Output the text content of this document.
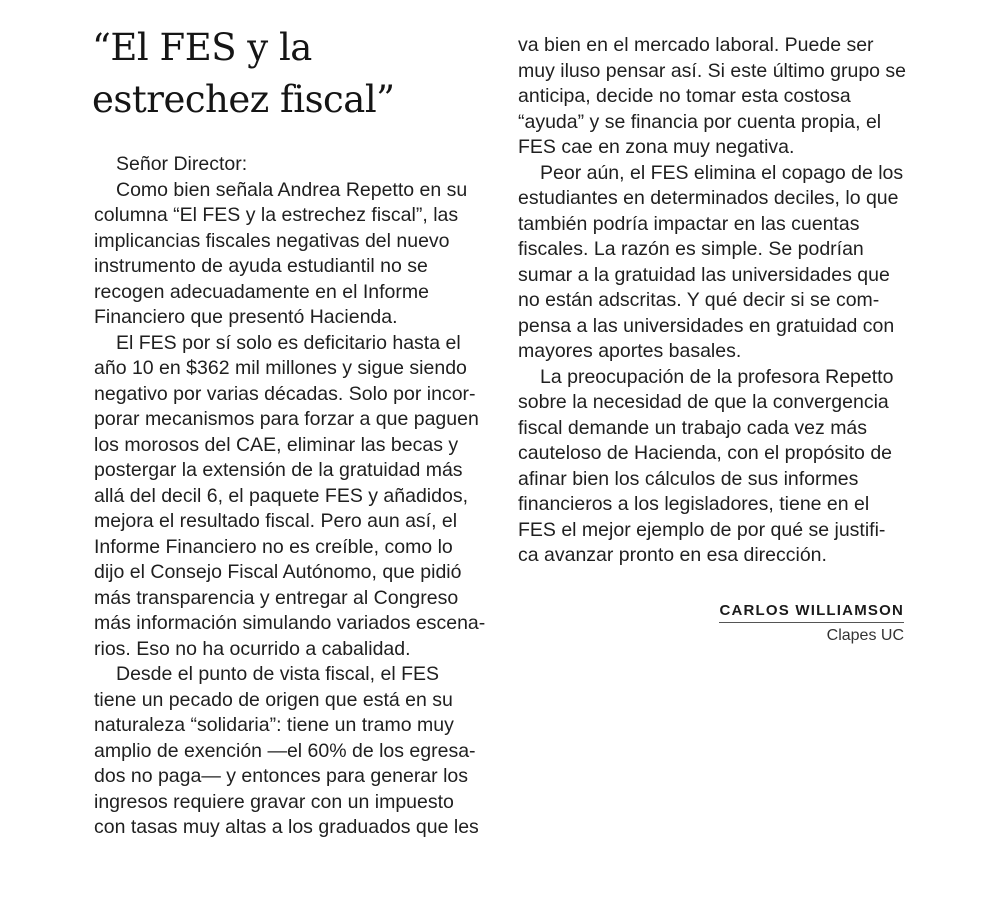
“El FES y la
estrechez fiscal”
Señor Director:
Como bien señala Andrea Repetto en su
columna “El FES y la estrechez fiscal”, las
implicancias fiscales negativas del nuevo
instrumento de ayuda estudiantil no se
recogen adecuadamente en el Informe
Financiero que presentó Hacienda.
El FES por sí solo es deficitario hasta el
año 10 en $362 mil millones y sigue siendo
negativo por varias décadas. Solo por incor-
porar mecanismos para forzar a que paguen
los morosos del CAE, eliminar las becas y
postergar la extensión de la gratuidad más
allá del decil 6, el paquete FES y añadidos,
mejora el resultado fiscal. Pero aun así, el
Informe Financiero no es creíble, como lo
dijo el Consejo Fiscal Autónomo, que pidió
más transparencia y entregar al Congreso
más información simulando variados escena-
rios. Eso no ha ocurrido a cabalidad.
Desde el punto de vista fiscal, el FES
tiene un pecado de origen que está en su
naturaleza “solidaria”: tiene un tramo muy
amplio de exención —el 60% de los egresa-
dos no paga— y entonces para generar los
ingresos requiere gravar con un impuesto
con tasas muy altas a los graduados que les
va bien en el mercado laboral. Puede ser
muy iluso pensar así. Si este último grupo se
anticipa, decide no tomar esta costosa
“ayuda” y se financia por cuenta propia, el
FES cae en zona muy negativa.
Peor aún, el FES elimina el copago de los
estudiantes en determinados deciles, lo que
también podría impactar en las cuentas
fiscales. La razón es simple. Se podrían
sumar a la gratuidad las universidades que
no están adscritas. Y qué decir si se com-
pensa a las universidades en gratuidad con
mayores aportes basales.
La preocupación de la profesora Repetto
sobre la necesidad de que la convergencia
fiscal demande un trabajo cada vez más
cauteloso de Hacienda, con el propósito de
afinar bien los cálculos de sus informes
financieros a los legisladores, tiene en el
FES el mejor ejemplo de por qué se justifi-
ca avanzar pronto en esa dirección.
CARLOS WILLIAMSON
Clapes UC
